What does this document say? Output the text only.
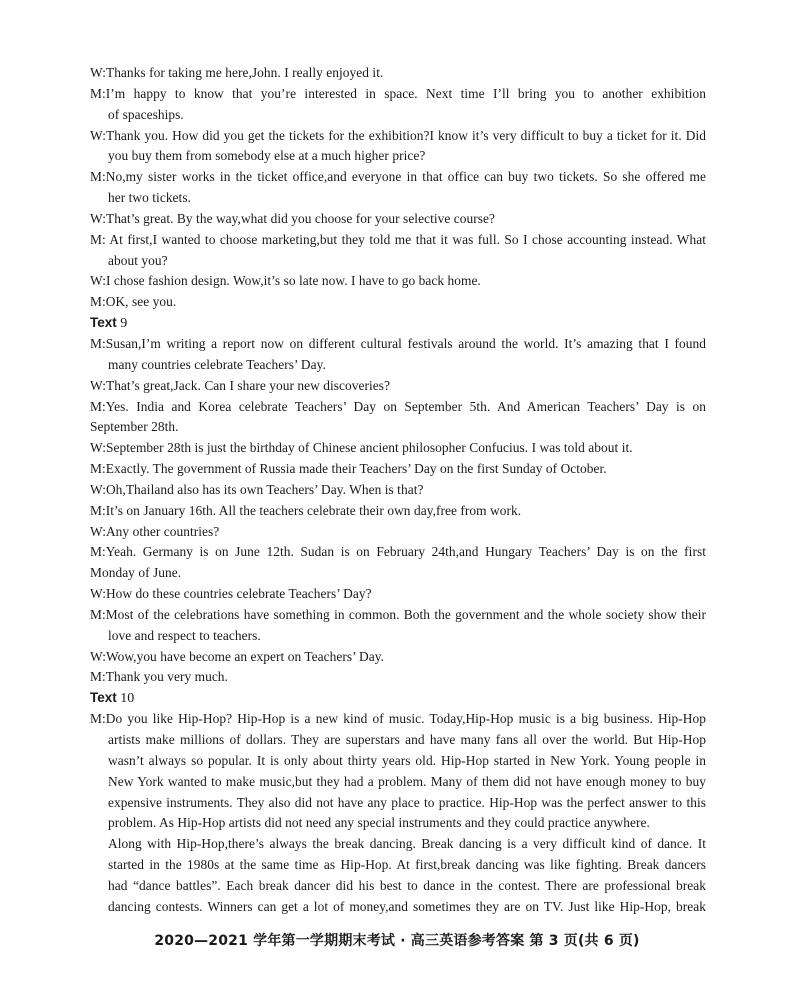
W:Thanks for taking me here,John. I really enjoyed it.
M:I’m happy to know that you’re interested in space. Next time I’ll bring you to another exhibition
of spaceships.
W:Thank you. How did you get the tickets for the exhibition?I know it’s very difficult to buy a ticket for it. Did
you buy them from somebody else at a much higher price?
M:No,my sister works in the ticket office,and everyone in that office can buy two tickets. So she offered me
her two tickets.
W:That’s great. By the way,what did you choose for your selective course?
M: At first,I wanted to choose marketing,but they told me that it was full. So I chose accounting instead. What
about you?
W:I chose fashion design. Wow,it’s so late now. I have to go back home.
M:OK, see you.
Text 9
M:Susan,I’m writing a report now on different cultural festivals around the world. It’s amazing that I found
many countries celebrate Teachers’ Day.
W:That’s great,Jack. Can I share your new discoveries?
M:Yes. India and Korea celebrate Teachers’ Day on September 5th. And American Teachers’ Day is on
September 28th.
W:September 28th is just the birthday of Chinese ancient philosopher Confucius. I was told about it.
M:Exactly. The government of Russia made their Teachers’ Day on the first Sunday of October.
W:Oh,Thailand also has its own Teachers’ Day. When is that?
M:It’s on January 16th. All the teachers celebrate their own day,free from work.
W:Any other countries?
M:Yeah. Germany is on June 12th. Sudan is on February 24th,and Hungary Teachers’ Day is on the first
Monday of June.
W:How do these countries celebrate Teachers’ Day?
M:Most of the celebrations have something in common. Both the government and the whole society show their
love and respect to teachers.
W:Wow,you have become an expert on Teachers’ Day.
M:Thank you very much.
Text 10
M:Do you like Hip-Hop? Hip-Hop is a new kind of music. Today,Hip-Hop music is a big business. Hip-Hop
artists make millions of dollars. They are superstars and have many fans all over the world. But Hip-Hop
wasn’t always so popular. It is only about thirty years old. Hip-Hop started in New York. Young people in
New York wanted to make music,but they had a problem. Many of them did not have enough money to buy
expensive instruments. They also did not have any place to practice. Hip-Hop was the perfect answer to this
problem. As Hip-Hop artists did not need any special instruments and they could practice anywhere.
Along with Hip-Hop,there’s always the break dancing. Break dancing is a very difficult kind of dance. It
started in the 1980s at the same time as Hip-Hop. At first,break dancing was like fighting. Break dancers
had “dance battles”. Each break dancer did his best to dance in the contest. There are professional break
dancing contests. Winners can get a lot of money,and sometimes they are on TV. Just like Hip-Hop, break
2020—2021 学年第一学期期末考试 · 高三英语参考答案 第 3 页(共 6 页)
